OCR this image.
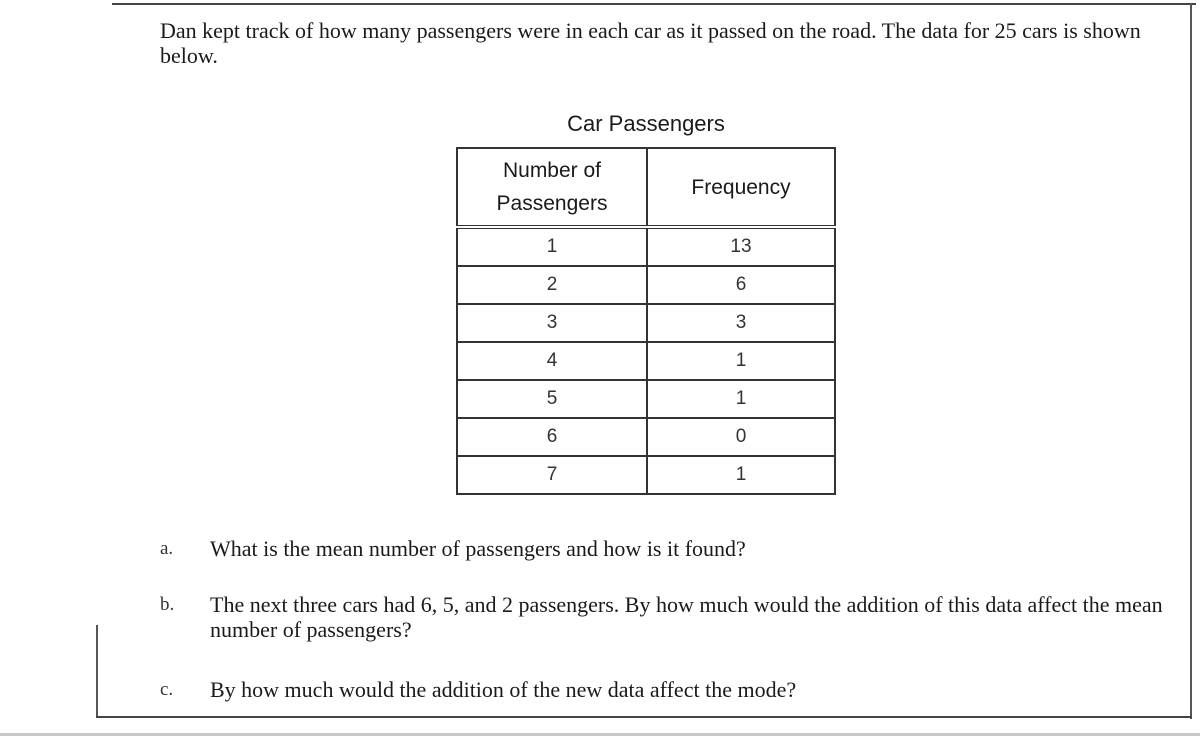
Dan kept track of how many passengers were in each car as it passed on the road. The data for 25 cars is shown below.

Car Passengers
Number of Passengers	Frequency
1	13
2	6
3	3
4	1
5	1
6	0
7	1
a.	What is the mean number of passengers and how is it found?
b.	The next three cars had 6, 5, and 2 passengers. By how much would the addition of this data affect the mean number of passengers?
c.	By how much would the addition of the new data affect the mode?
